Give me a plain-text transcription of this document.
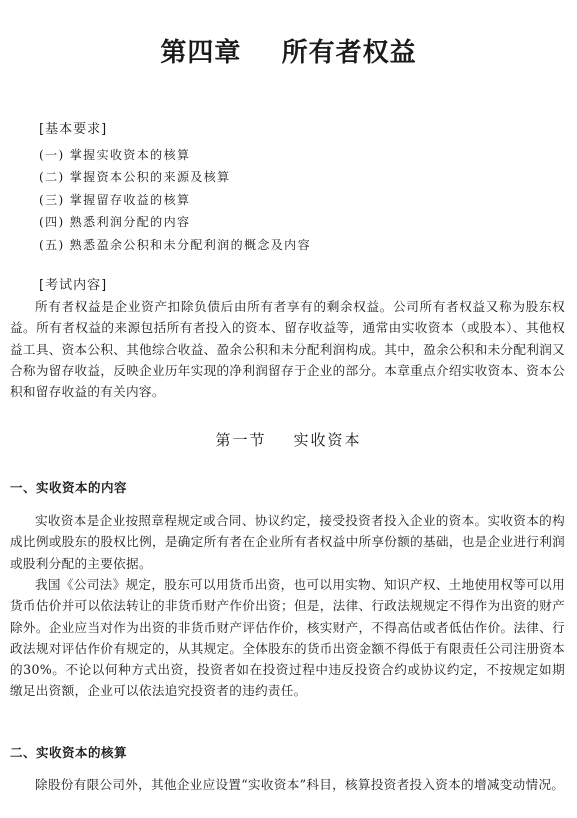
第四章    所有者权益
[基本要求]
(一) 掌握实收资本的核算
(二) 掌握资本公积的来源及核算
(三) 掌握留存收益的核算
(四) 熟悉利润分配的内容
(五) 熟悉盈余公积和未分配利润的概念及内容
[考试内容]

所有者权益是企业资产扣除负债后由所有者享有的剩余权益。公司所有者权益又称为股东权益。所有者权益的来源包括所有者投入的资本、留存收益等，通常由实收资本（或股本）、其他权益工具、资本公积、其他综合收益、盈余公积和未分配利润构成。其中，盈余公积和未分配利润又合称为留存收益，反映企业历年实现的净利润留存于企业的部分。本章重点介绍实收资本、资本公积和留存收益的有关内容。

第一节    实收资本
一、实收资本的内容

实收资本是企业按照章程规定或合同、协议约定，接受投资者投入企业的资本。实收资本的构成比例或股东的股权比例，是确定所有者在企业所有者权益中所享份额的基础，也是企业进行利润或股利分配的主要依据。

我国《公司法》规定，股东可以用货币出资，也可以用实物、知识产权、土地使用权等可以用货币估价并可以依法转让的非货币财产作价出资；但是，法律、行政法规规定不得作为出资的财产除外。企业应当对作为出资的非货币财产评估作价，核实财产，不得高估或者低估作价。法律、行政法规对评估作价有规定的，从其规定。全体股东的货币出资金额不得低于有限责任公司注册资本的30%。不论以何种方式出资，投资者如在投资过程中违反投资合约或协议约定，不按规定如期缴足出资额，企业可以依法追究投资者的违约责任。

二、实收资本的核算

除股份有限公司外，其他企业应设置“实收资本”科目，核算投资者投入资本的增减变动情况。
